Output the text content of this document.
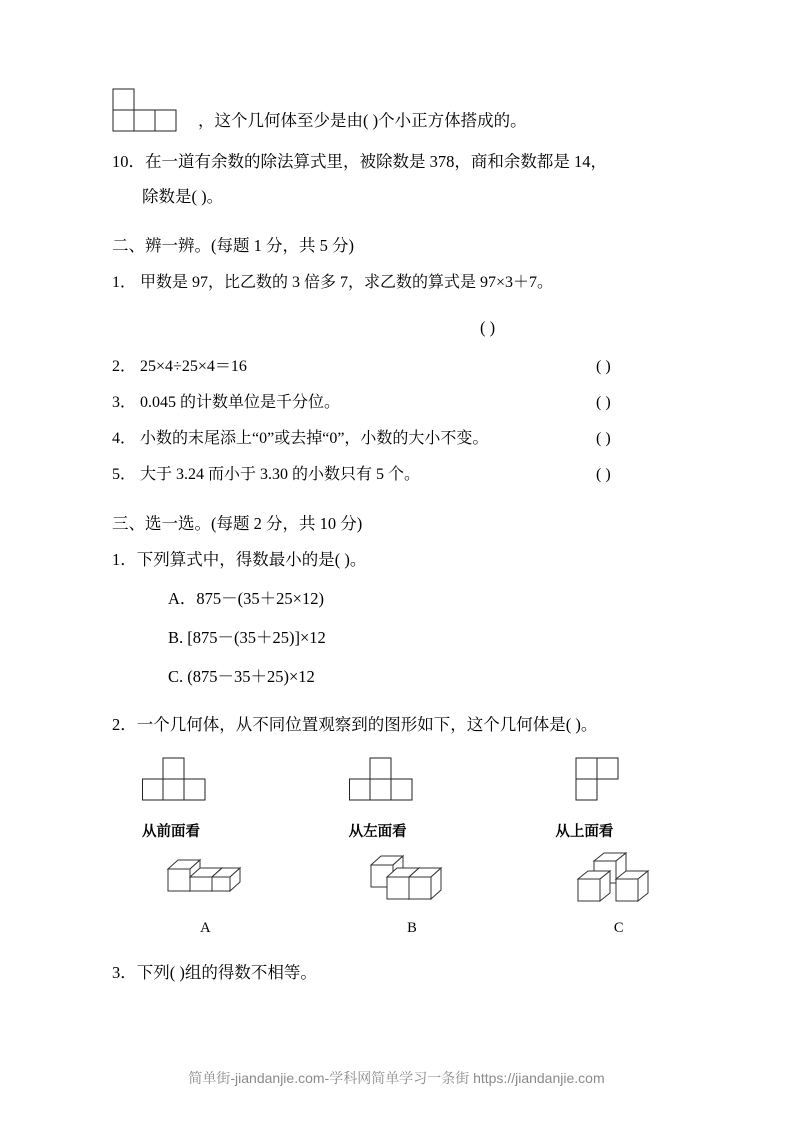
，这个几何体至少是由( )个小正方体搭成的。
10． 在一道有余数的除法算式里，被除数是 378，商和余数都是 14，
除数是( )。
二、辨一辨。(每题 1 分，共 5 分)
1． 甲数是 97，比乙数的 3 倍多 7，求乙数的算式是 97×3＋7。
( )
2． 25×4÷25×4＝16	( )
3． 0.045 的计数单位是千分位。	( )
4． 小数的末尾添上“0”或去掉“0”，小数的大小不变。	( )
5． 大于 3.24 而小于 3.30 的小数只有 5 个。	( )
三、选一选。(每题 2 分，共 10 分)
1． 下列算式中，得数最小的是( )。
A．875－(35＋25×12)
B. [875－(35＋25)]×12
C. (875－35＋25)×12
2． 一个几何体，从不同位置观察到的图形如下，这个几何体是( )。
从前面看	从左面看	从上面看
A	B	C
3． 下列( )组的得数不相等。
简单街-jiandanjie.com-学科网简单学习一条街 https://jiandanjie.com
